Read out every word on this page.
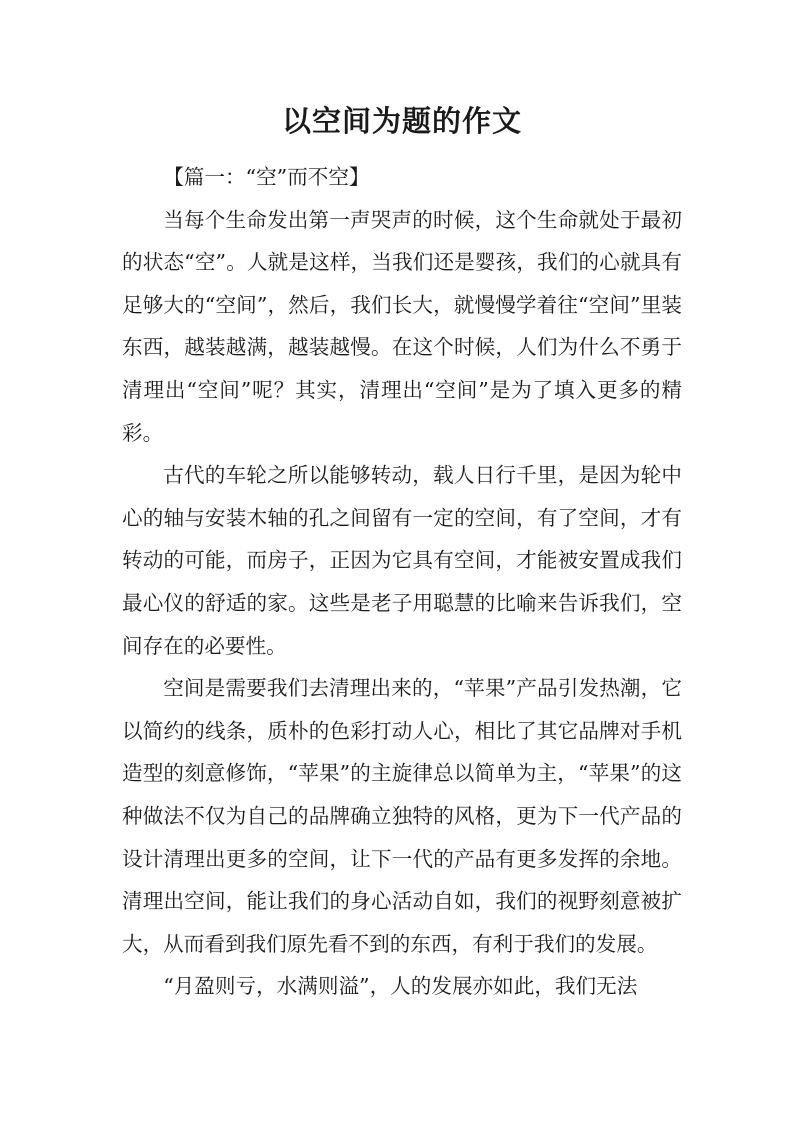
以空间为题的作文

【篇一：“空”而不空】

当每个生命发出第一声哭声的时候，这个生命就处于最初的状态“空”。人就是这样，当我们还是婴孩，我们的心就具有足够大的“空间”，然后，我们长大，就慢慢学着往“空间”里装东西，越装越满，越装越慢。在这个时候，人们为什么不勇于清理出“空间”呢？其实，清理出“空间”是为了填入更多的精彩。

古代的车轮之所以能够转动，载人日行千里，是因为轮中心的轴与安装木轴的孔之间留有一定的空间，有了空间，才有转动的可能，而房子，正因为它具有空间，才能被安置成我们最心仪的舒适的家。这些是老子用聪慧的比喻来告诉我们，空间存在的必要性。

空间是需要我们去清理出来的，“苹果”产品引发热潮，它以简约的线条，质朴的色彩打动人心，相比了其它品牌对手机造型的刻意修饰，“苹果”的主旋律总以简单为主，“苹果”的这种做法不仅为自己的品牌确立独特的风格，更为下一代产品的设计清理出更多的空间，让下一代的产品有更多发挥的余地。清理出空间，能让我们的身心活动自如，我们的视野刻意被扩大，从而看到我们原先看不到的东西，有利于我们的发展。

“月盈则亏，水满则溢”，人的发展亦如此，我们无法
